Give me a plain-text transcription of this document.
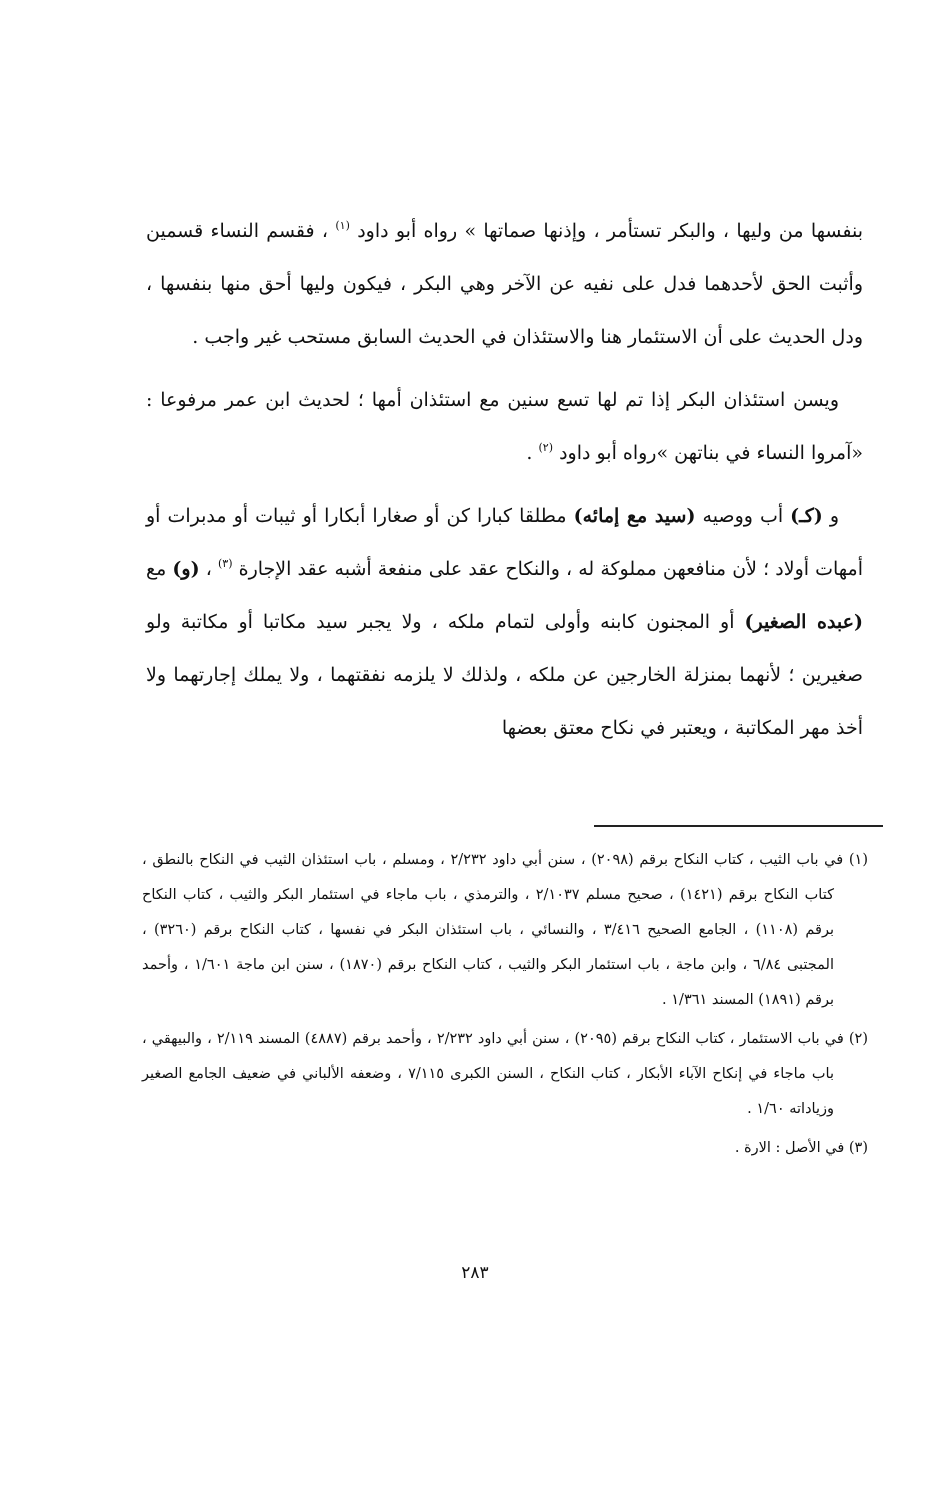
بنفسها من وليها ، والبكر تستأمر ، وإذنها صماتها » رواه أبو داود $^{(١)}$ ، فقسم النساء قسمين وأثبت الحق لأحدهما فدل على نفيه عن الآخر وهي البكر ، فيكون وليها أحق منها بنفسها ، ودل الحديث على أن الاستئمار هنا والاستئذان في الحديث السابق مستحب غير واجب .

ويسن استئذان البكر إذا تم لها تسع سنين مع استئذان أمها ؛ لحديث ابن عمر مرفوعا : «آمروا النساء في بناتهن »رواه أبو داود $^{(٢)}$ .

و (كـ) أب ووصيه (سيد مع إمائه) مطلقا كبارا كن أو صغارا أبكارا أو ثيبات أو مدبرات أو أمهات أولاد ؛ لأن منافعهن مملوكة له ، والنكاح عقد على منفعة أشبه عقد الإجارة $^{(٣)}$ ، (و) مع (عبده الصغير) أو المجنون كابنه وأولى لتمام ملكه ، ولا يجبر سيد مكاتبا أو مكاتبة ولو صغيرين ؛ لأنهما بمنزلة الخارجين عن ملكه ، ولذلك لا يلزمه نفقتهما ، ولا يملك إجارتهما ولا أخذ مهر المكاتبة ، ويعتبر في نكاح معتق بعضها

(١) في باب الثيب ، كتاب النكاح برقم (٢٠٩٨) ، سنن أبي داود ٢/٢٣٢ ، ومسلم ، باب استئذان الثيب في النكاح بالنطق ، كتاب النكاح برقم (١٤٢١) ، صحيح مسلم ٢/١٠٣٧ ، والترمذي ، باب ماجاء في استئمار البكر والثيب ، كتاب النكاح برقم (١١٠٨) ، الجامع الصحيح ٣/٤١٦ ، والنسائي ، باب استئذان البكر في نفسها ، كتاب النكاح برقم (٣٢٦٠) ، المجتبى ٦/٨٤ ، وابن ماجة ، باب استئمار البكر والثيب ، كتاب النكاح برقم (١٨٧٠) ، سنن ابن ماجة ١/٦٠١ ، وأحمد برقم (١٨٩١) المسند ١/٣٦١ .

(٢) في باب الاستئمار ، كتاب النكاح برقم (٢٠٩٥) ، سنن أبي داود ٢/٢٣٢ ، وأحمد برقم (٤٨٨٧) المسند ٢/١١٩ ، والبيهقي ، باب ماجاء في إنكاح الآباء الأبكار ، كتاب النكاح ، السنن الكبرى ٧/١١٥ ، وضعفه الألباني في ضعيف الجامع الصغير وزياداته ١/٦٠ .

(٣) في الأصل : الارة .

٢٨٣
